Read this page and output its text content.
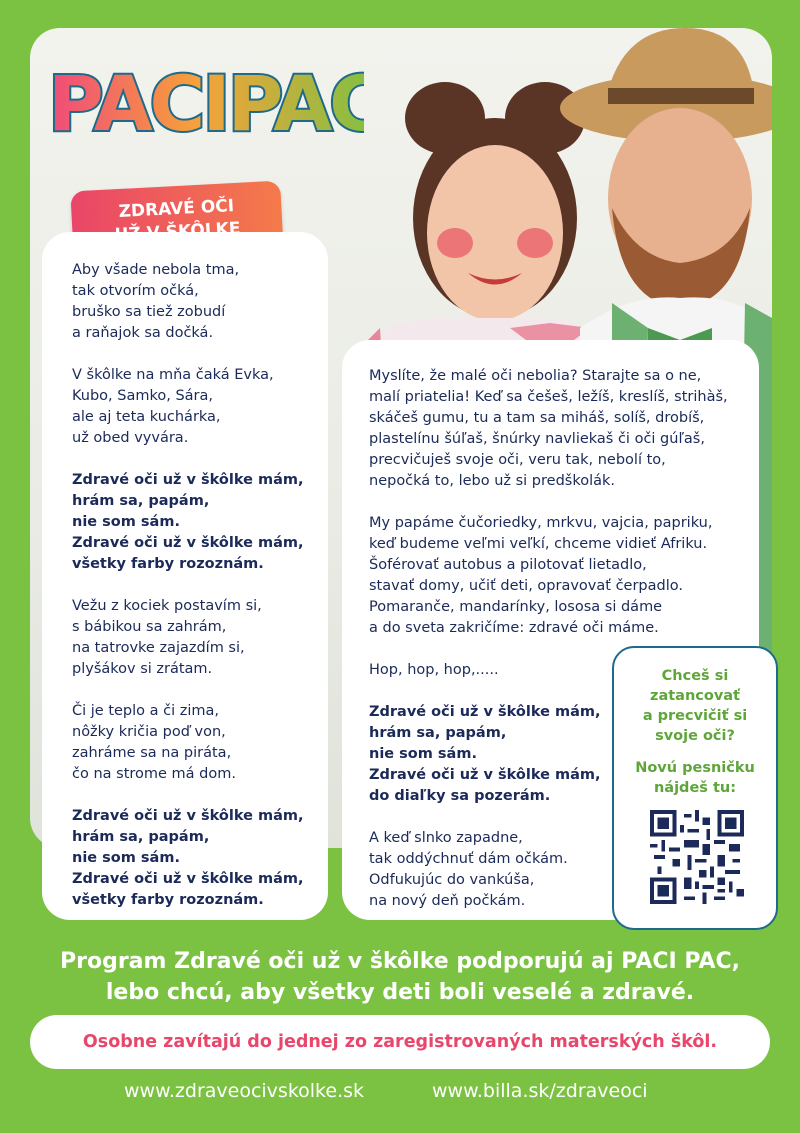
PACIPAC
ZDRAVÉ OČI
Aby všade nebola tma,
tak otvorím očká,
bruško sa tiež zobudí
a raňajok sa dočká.
V škôlke na mňa čaká Evka,
Kubo, Samko, Sára,
ale aj teta kuchárka,
už obed vyvára.
Zdravé oči už v škôlke mám,
hrám sa, papám,
nie som sám.
Zdravé oči už v škôlke mám,
všetky farby rozoznám.
Vežu z kociek postavím si,
s bábikou sa zahrám,
na tatrovke zajazdím si,
plyšákov si zrátam.
Či je teplo a či zima,
nôžky kričia poď von,
zahráme sa na piráta,
čo na strome má dom.
Zdravé oči už v škôlke mám,
hrám sa, papám,
nie som sám.
Zdravé oči už v škôlke mám,
všetky farby rozoznám.
Myslíte, že malé oči nebolia? Starajte sa o ne,
malí priatelia! Keď sa češeš, ležíš, kreslíš, strihàš,
skáčeš gumu, tu a tam sa miháš, solíš, drobíš,
plastelínu šúľaš, šnúrky navliekaš či oči gúľaš,
precvičuješ svoje oči, veru tak, nebolí to,
nepočká to, lebo už si predškolák.
My papáme čučoriedky, mrkvu, vajcia, papriku,
keď budeme veľmi veľkí, chceme vidieť Afriku.
Šoférovať autobus a pilotovať lietadlo,
stavať domy, učiť deti, opravovať čerpadlo.
Pomaranče, mandarínky, lososa si dáme
a do sveta zakričíme: zdravé oči máme.
Hop, hop, hop,.....
Zdravé oči už v škôlke mám,
hrám sa, papám,
nie som sám.
Zdravé oči už v škôlke mám,
do diaľky sa pozerám.
A keď slnko zapadne,
tak oddýchnuť dám očkám.
Odfukujúc do vankúša,
na nový deň počkám.
Chceš si
zatancovať
a precvičiť si
svoje oči?
Novú pesničku
nájdeš tu:
Program Zdravé oči už v škôlke podporujú aj PACI PAC,
lebo chcú, aby všetky deti boli veselé a zdravé.
Osobne zavítajú do jednej zo zaregistrovaných materských škôl.
www.zdraveocivskolke.sk	www.billa.sk/zdraveoci
